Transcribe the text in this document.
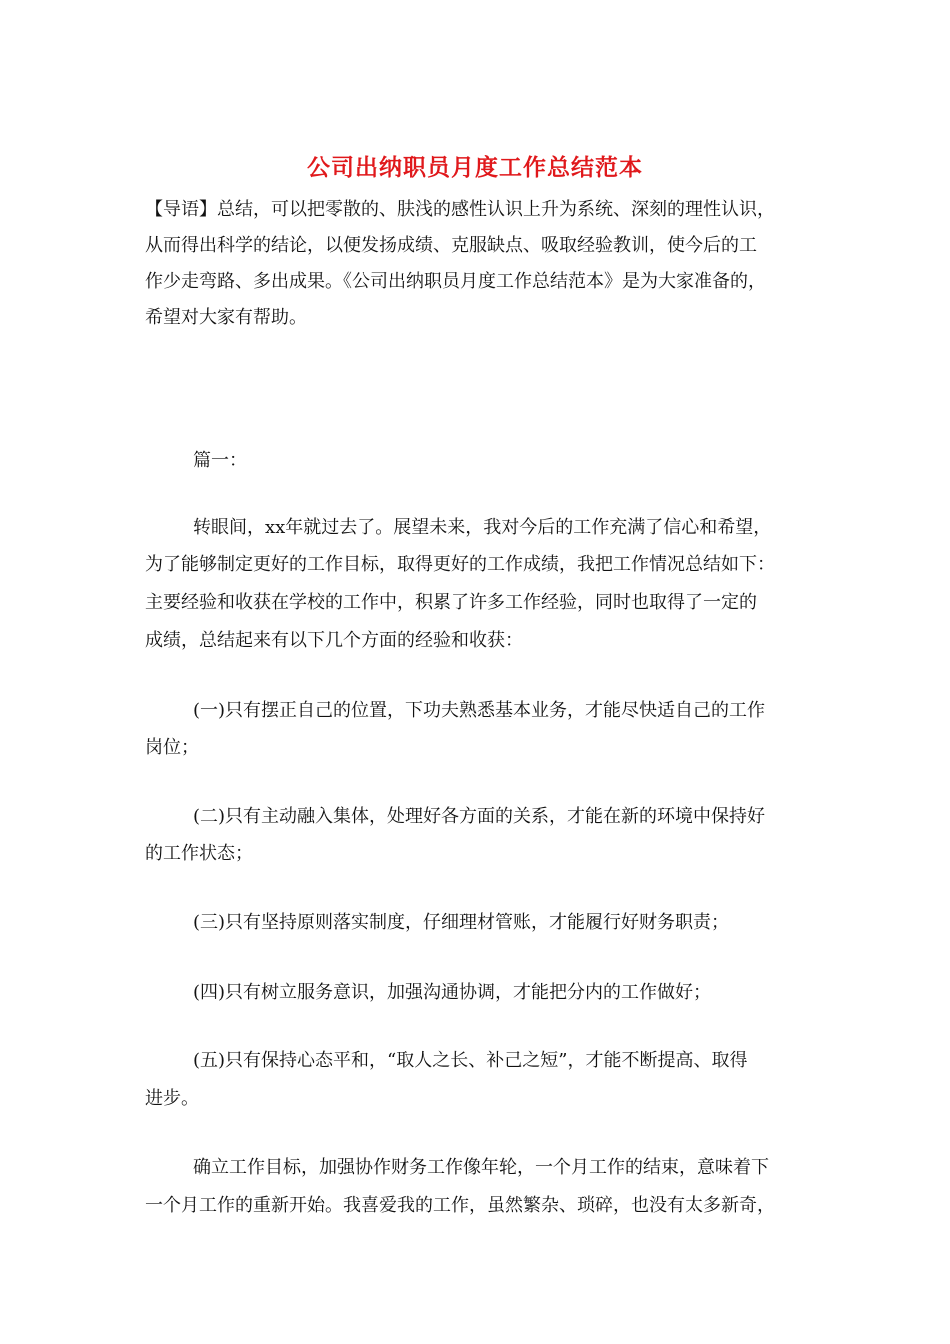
公司出纳职员月度工作总结范本

【导语】总结，可以把零散的、肤浅的感性认识上升为系统、深刻的理性认识，

从而得出科学的结论，以便发扬成绩、克服缺点、吸取经验教训，使今后的工

作少走弯路、多出成果。《公司出纳职员月度工作总结范本》是为大家准备的，

希望对大家有帮助。

篇一：

转眼间，xx年就过去了。展望未来，我对今后的工作充满了信心和希望，

为了能够制定更好的工作目标，取得更好的工作成绩，我把工作情况总结如下：

主要经验和收获在学校的工作中，积累了许多工作经验，同时也取得了一定的

成绩，总结起来有以下几个方面的经验和收获：

(一)只有摆正自己的位置，下功夫熟悉基本业务，才能尽快适自己的工作

岗位；

(二)只有主动融入集体，处理好各方面的关系，才能在新的环境中保持好

的工作状态；

(三)只有坚持原则落实制度，仔细理材管账，才能履行好财务职责；

(四)只有树立服务意识，加强沟通协调，才能把分内的工作做好；

(五)只有保持心态平和，“取人之长、补己之短”，才能不断提高、取得

进步。

确立工作目标，加强协作财务工作像年轮，一个月工作的结束，意味着下

一个月工作的重新开始。我喜爱我的工作，虽然繁杂、琐碎，也没有太多新奇，
